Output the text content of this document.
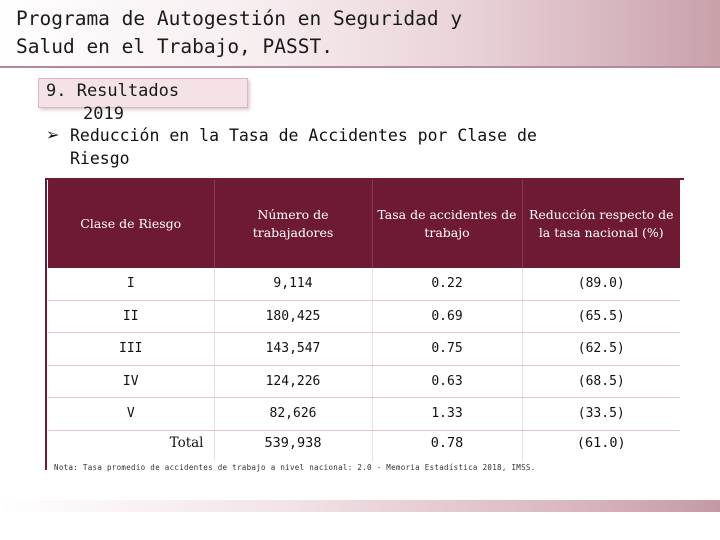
Programa de Autogestión en Seguridad y
Salud en el Trabajo, PASST.
9. Resultados
2019
➢ Reducción en la Tasa de Accidentes por Clase de Riesgo
Clase de Riesgo	Número de trabajadores	Tasa de accidentes de trabajo	Reducción respecto de la tasa nacional (%)
I	9,114	0.22	(89.0)
II	180,425	0.69	(65.5)
III	143,547	0.75	(62.5)
IV	124,226	0.63	(68.5)
V	82,626	1.33	(33.5)
Total	539,938	0.78	(61.0)
Nota: Tasa promedio de accidentes de trabajo a nivel nacional: 2.0 - Memoria Estadística 2018, IMSS.
